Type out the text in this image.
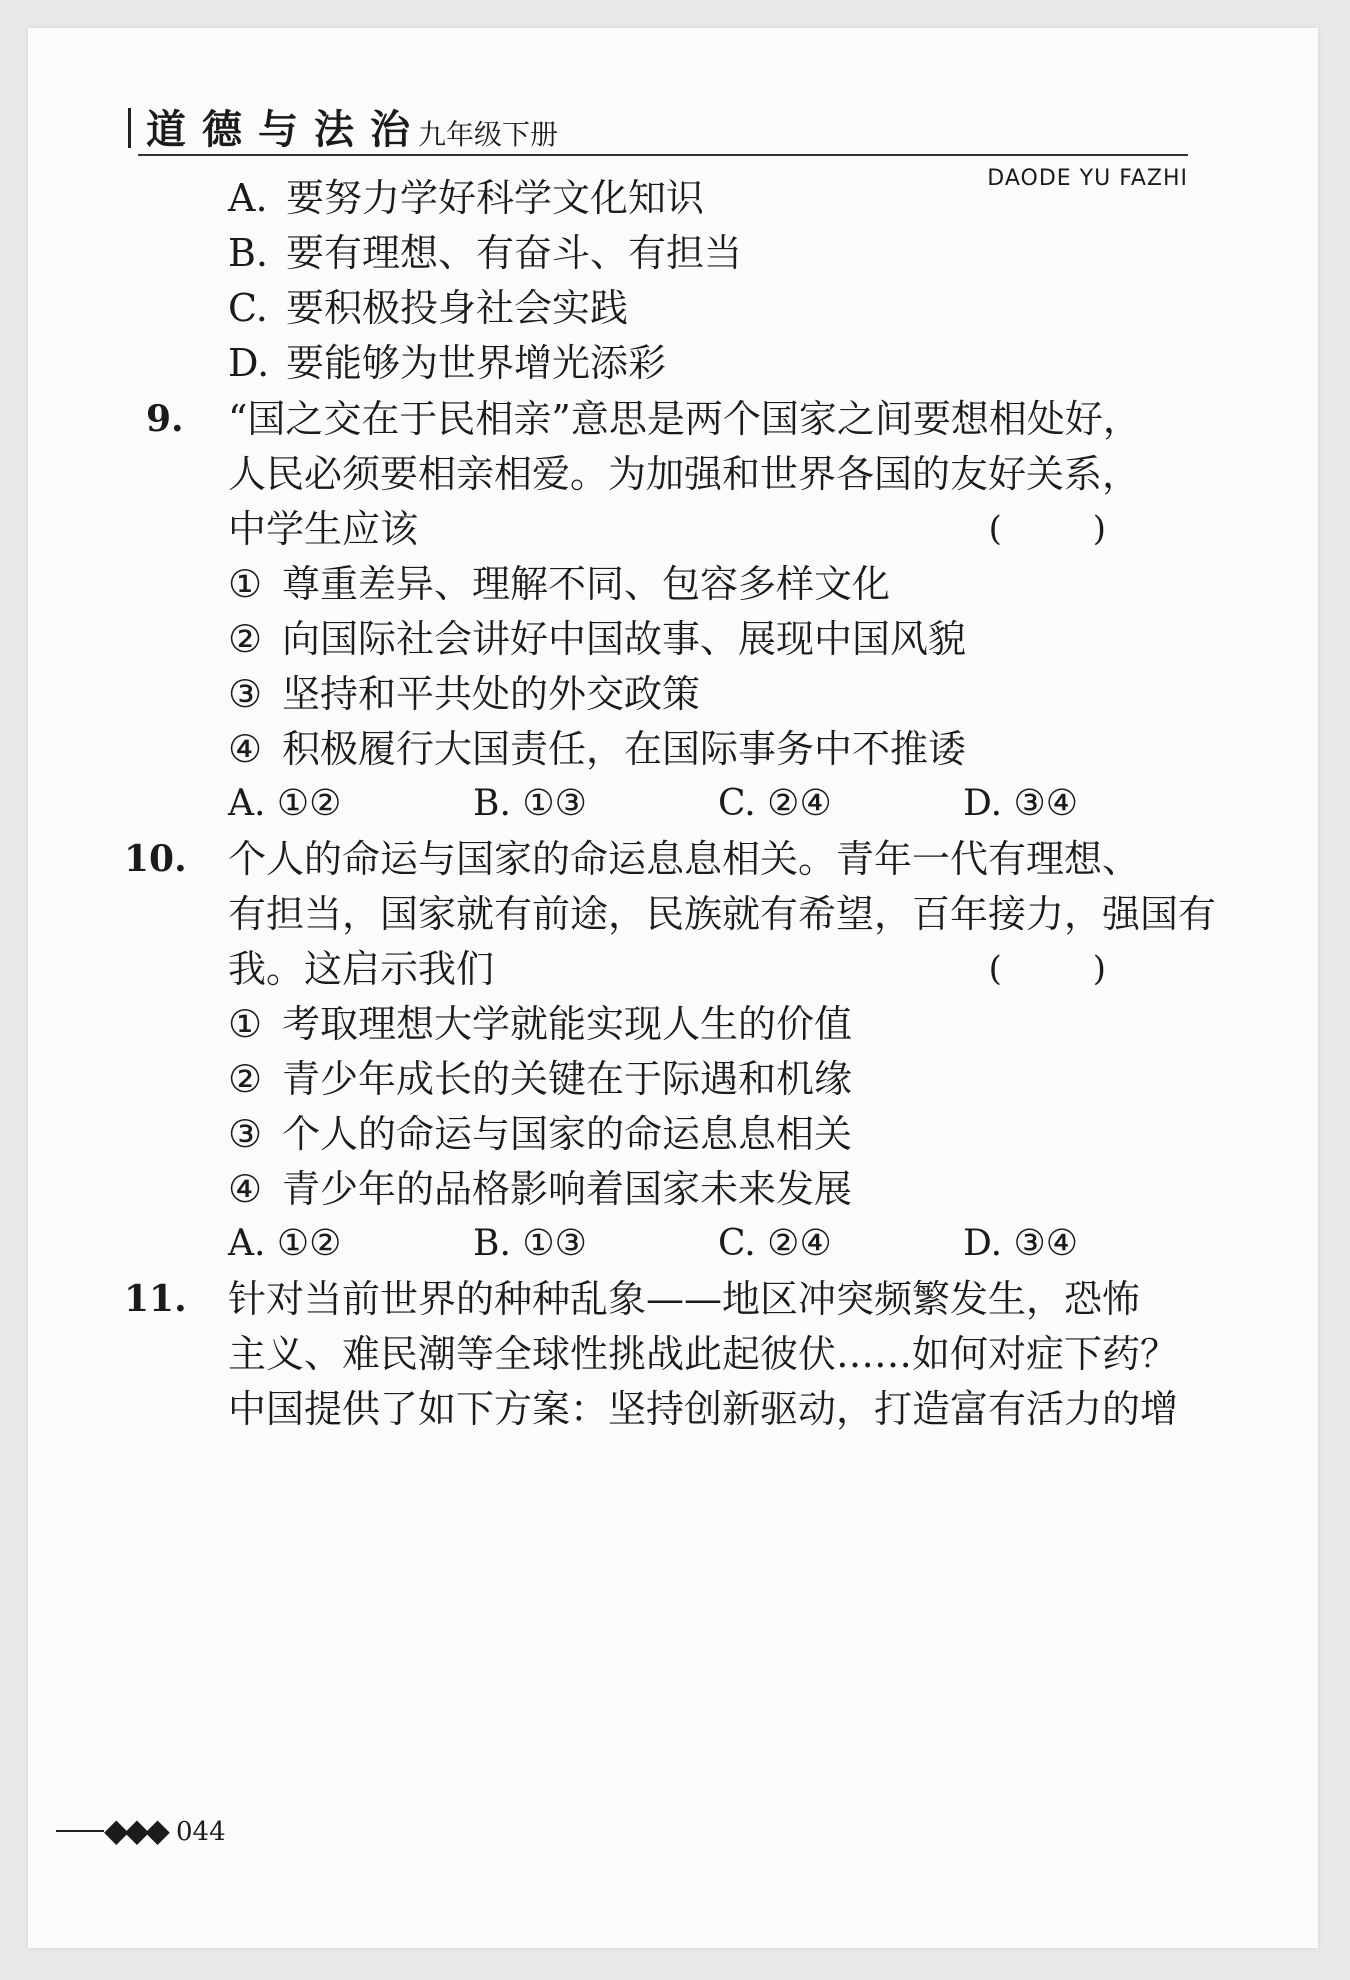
道德与法治
九年级下册
DAODE YU FAZHI
A. 要努力学好科学文化知识
B. 要有理想、有奋斗、有担当
C. 要积极投身社会实践
D. 要能够为世界增光添彩
9. “国之交在于民相亲”意思是两个国家之间要想相处好，
人民必须要相亲相爱。为加强和世界各国的友好关系，
中学生应该	( )
① 尊重差异、理解不同、包容多样文化
② 向国际社会讲好中国故事、展现中国风貌
③ 坚持和平共处的外交政策
④ 积极履行大国责任，在国际事务中不推诿
A. ①②	B. ①③	C. ②④	D. ③④
10. 个人的命运与国家的命运息息相关。青年一代有理想、
有担当，国家就有前途，民族就有希望，百年接力，强国有
我。这启示我们	( )
① 考取理想大学就能实现人生的价值
② 青少年成长的关键在于际遇和机缘
③ 个人的命运与国家的命运息息相关
④ 青少年的品格影响着国家未来发展
A. ①②	B. ①③	C. ②④	D. ③④
11. 针对当前世界的种种乱象——地区冲突频繁发生，恐怖
主义、难民潮等全球性挑战此起彼伏……如何对症下药？
中国提供了如下方案：坚持创新驱动，打造富有活力的增
◆◆◆ 044
